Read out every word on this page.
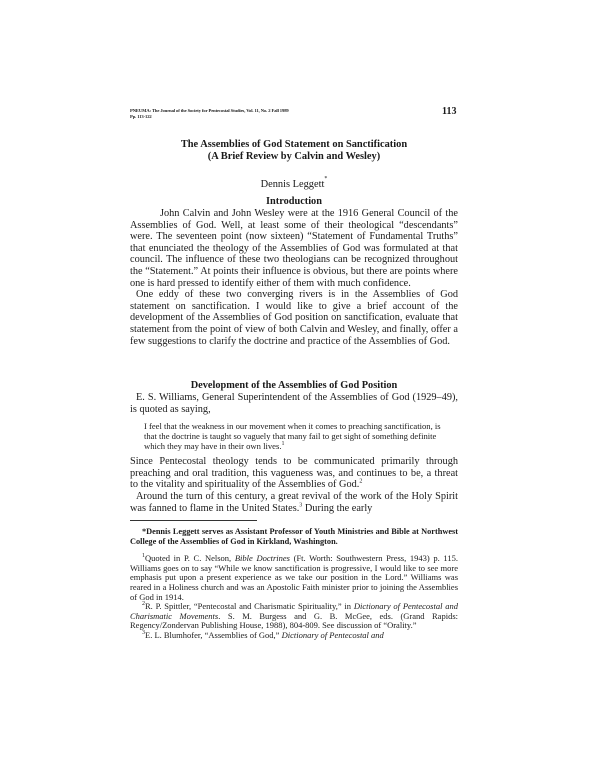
PNEUMA: The Journal of the Society for Pentecostal Studies, Vol. 11, No. 2 Fall 1989
Pp. 113-122	113
The Assemblies of God Statement on Sanctification
(A Brief Review by Calvin and Wesley)
Dennis Leggett*
Introduction

John Calvin and John Wesley were at the 1916 General Council of the Assemblies of God. Well, at least some of their theological “descendants” were. The seventeen point (now sixteen) “Statement of Fundamental Truths” that enunciated the theology of the Assemblies of God was formulated at that council. The influence of these two theologians can be recognized throughout the “Statement.” At points their influence is obvious, but there are points where one is hard pressed to identify either of them with much confidence.

One eddy of these two converging rivers is in the Assemblies of God statement on sanctification. I would like to give a brief account of the development of the Assemblies of God position on sanctification, evaluate that statement from the point of view of both Calvin and Wesley, and finally, offer a few suggestions to clarify the doctrine and practice of the Assemblies of God.

Development of the Assemblies of God Position

E. S. Williams, General Superintendent of the Assemblies of God (1929–49), is quoted as saying,

I feel that the weakness in our movement when it comes to preaching sanctification, is that the doctrine is taught so vaguely that many fail to get sight of something definite which they may have in their own lives.$^1$

Since Pentecostal theology tends to be communicated primarily through preaching and oral tradition, this vagueness was, and continues to be, a threat to the vitality and spirituality of the Assemblies of God.$^2$

Around the turn of this century, a great revival of the work of the Holy Spirit was fanned to flame in the United States.$^3$ During the early

*Dennis Leggett serves as Assistant Professor of Youth Ministries and Bible at Northwest College of the Assemblies of God in Kirkland, Washington.

$^1$Quoted in P. C. Nelson, Bible Doctrines (Ft. Worth: Southwestern Press, 1943) p. 115. Williams goes on to say “While we know sanctification is progressive, I would like to see more emphasis put upon a present experience as we take our position in the Lord.” Williams was reared in a Holiness church and was an Apostolic Faith minister prior to joining the Assemblies of God in 1914.

$^2$R. P. Spittler, “Pentecostal and Charismatic Spirituality,” in Dictionary of Pentecostal and Charismatic Movements. S. M. Burgess and G. B. McGee, eds. (Grand Rapids: Regency/Zondervan Publishing House, 1988), 804-809. See discussion of “Orality.”

$^3$E. L. Blumhofer, “Assemblies of God,” Dictionary of Pentecostal and
